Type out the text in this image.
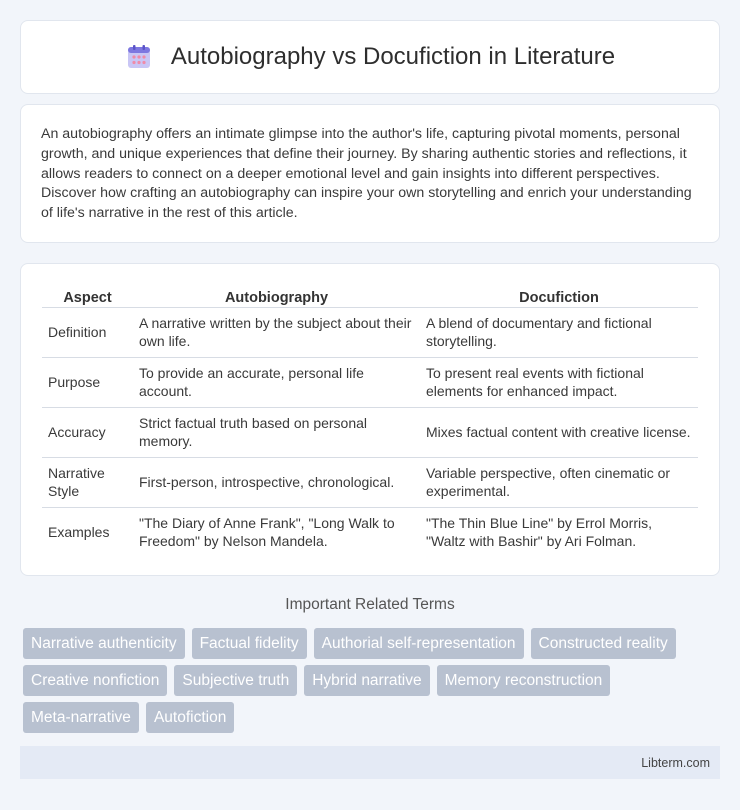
Autobiography vs Docufiction in Literature

An autobiography offers an intimate glimpse into the author's life, capturing pivotal moments, personal growth, and unique experiences that define their journey. By sharing authentic stories and reflections, it allows readers to connect on a deeper emotional level and gain insights into different perspectives. Discover how crafting an autobiography can inspire your own storytelling and enrich your understanding of life's narrative in the rest of this article.

Aspect	Autobiography	Docufiction
Definition	A narrative written by the subject about their own life.	A blend of documentary and fictional storytelling.
Purpose	To provide an accurate, personal life account.	To present real events with fictional elements for enhanced impact.
Accuracy	Strict factual truth based on personal memory.	Mixes factual content with creative license.
Narrative Style	First-person, introspective, chronological.	Variable perspective, often cinematic or experimental.
Examples	"The Diary of Anne Frank", "Long Walk to Freedom" by Nelson Mandela.	"The Thin Blue Line" by Errol Morris, "Waltz with Bashir" by Ari Folman.
Important Related Terms
Narrative authenticity	Factual fidelity	Authorial self-representation	Constructed reality
Creative nonfiction	Subjective truth	Hybrid narrative	Memory reconstruction
Meta-narrative	Autofiction
Libterm.com
